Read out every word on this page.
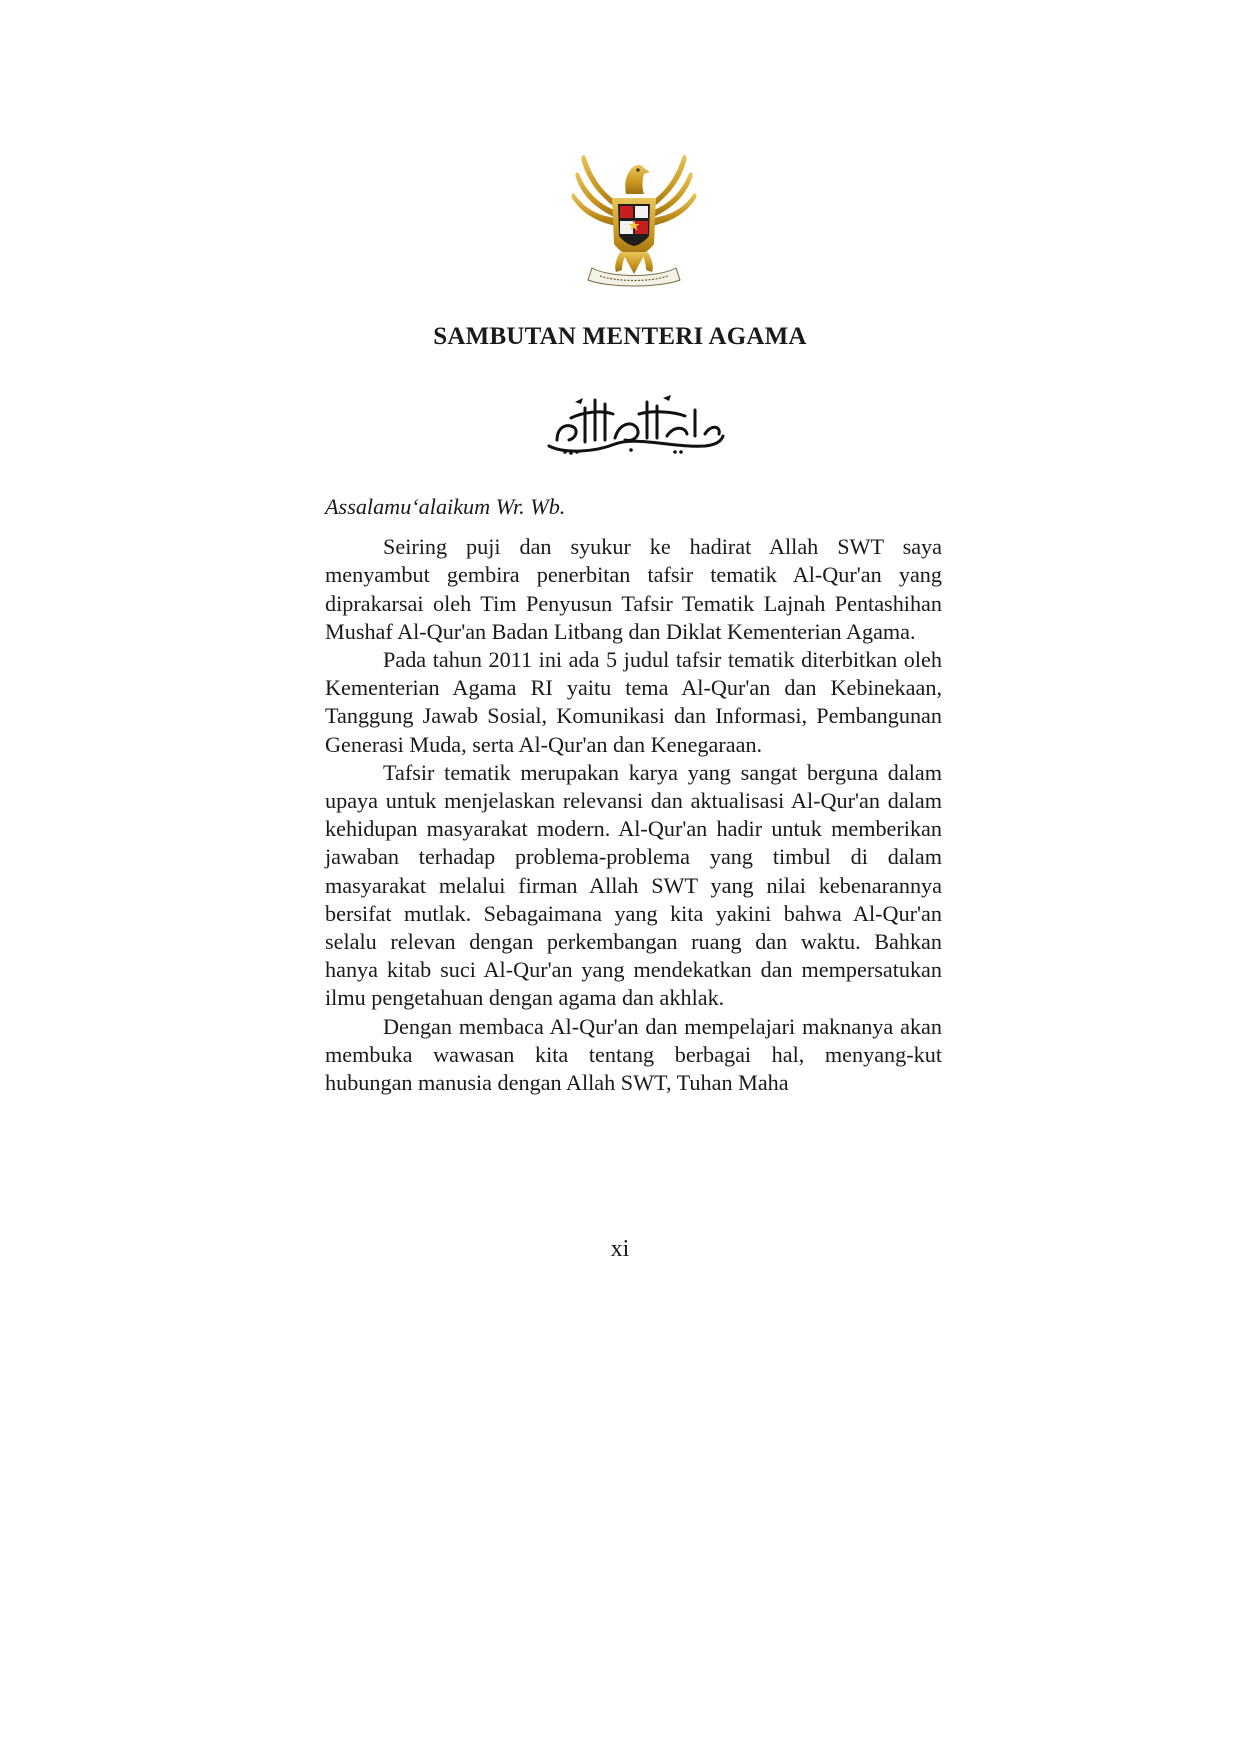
SAMBUTAN MENTERI AGAMA

Assalamu‘alaikum Wr. Wb.

Seiring puji dan syukur ke hadirat Allah SWT saya menyambut gembira penerbitan tafsir tematik Al-Qur'an yang diprakarsai oleh Tim Penyusun Tafsir Tematik Lajnah Pentashihan Mushaf Al-Qur'an Badan Litbang dan Diklat Kementerian Agama.

Pada tahun 2011 ini ada 5 judul tafsir tematik diterbitkan oleh Kementerian Agama RI yaitu tema Al-Qur'an dan Kebinekaan, Tanggung Jawab Sosial, Komunikasi dan Informasi, Pembangunan Generasi Muda, serta Al-Qur'an dan Kenegaraan.

Tafsir tematik merupakan karya yang sangat berguna dalam upaya untuk menjelaskan relevansi dan aktualisasi Al-Qur'an dalam kehidupan masyarakat modern. Al-Qur'an hadir untuk memberikan jawaban terhadap problema-problema yang timbul di dalam masyarakat melalui firman Allah SWT yang nilai kebenarannya bersifat mutlak. Sebagaimana yang kita yakini bahwa Al-Qur'an selalu relevan dengan perkembangan ruang dan waktu. Bahkan hanya kitab suci Al-Qur'an yang mendekatkan dan mempersatukan ilmu pengetahuan dengan agama dan akhlak.

Dengan membaca Al-Qur'an dan mempelajari maknanya akan membuka wawasan kita tentang berbagai hal, menyang-kut hubungan manusia dengan Allah SWT, Tuhan Maha

xi
